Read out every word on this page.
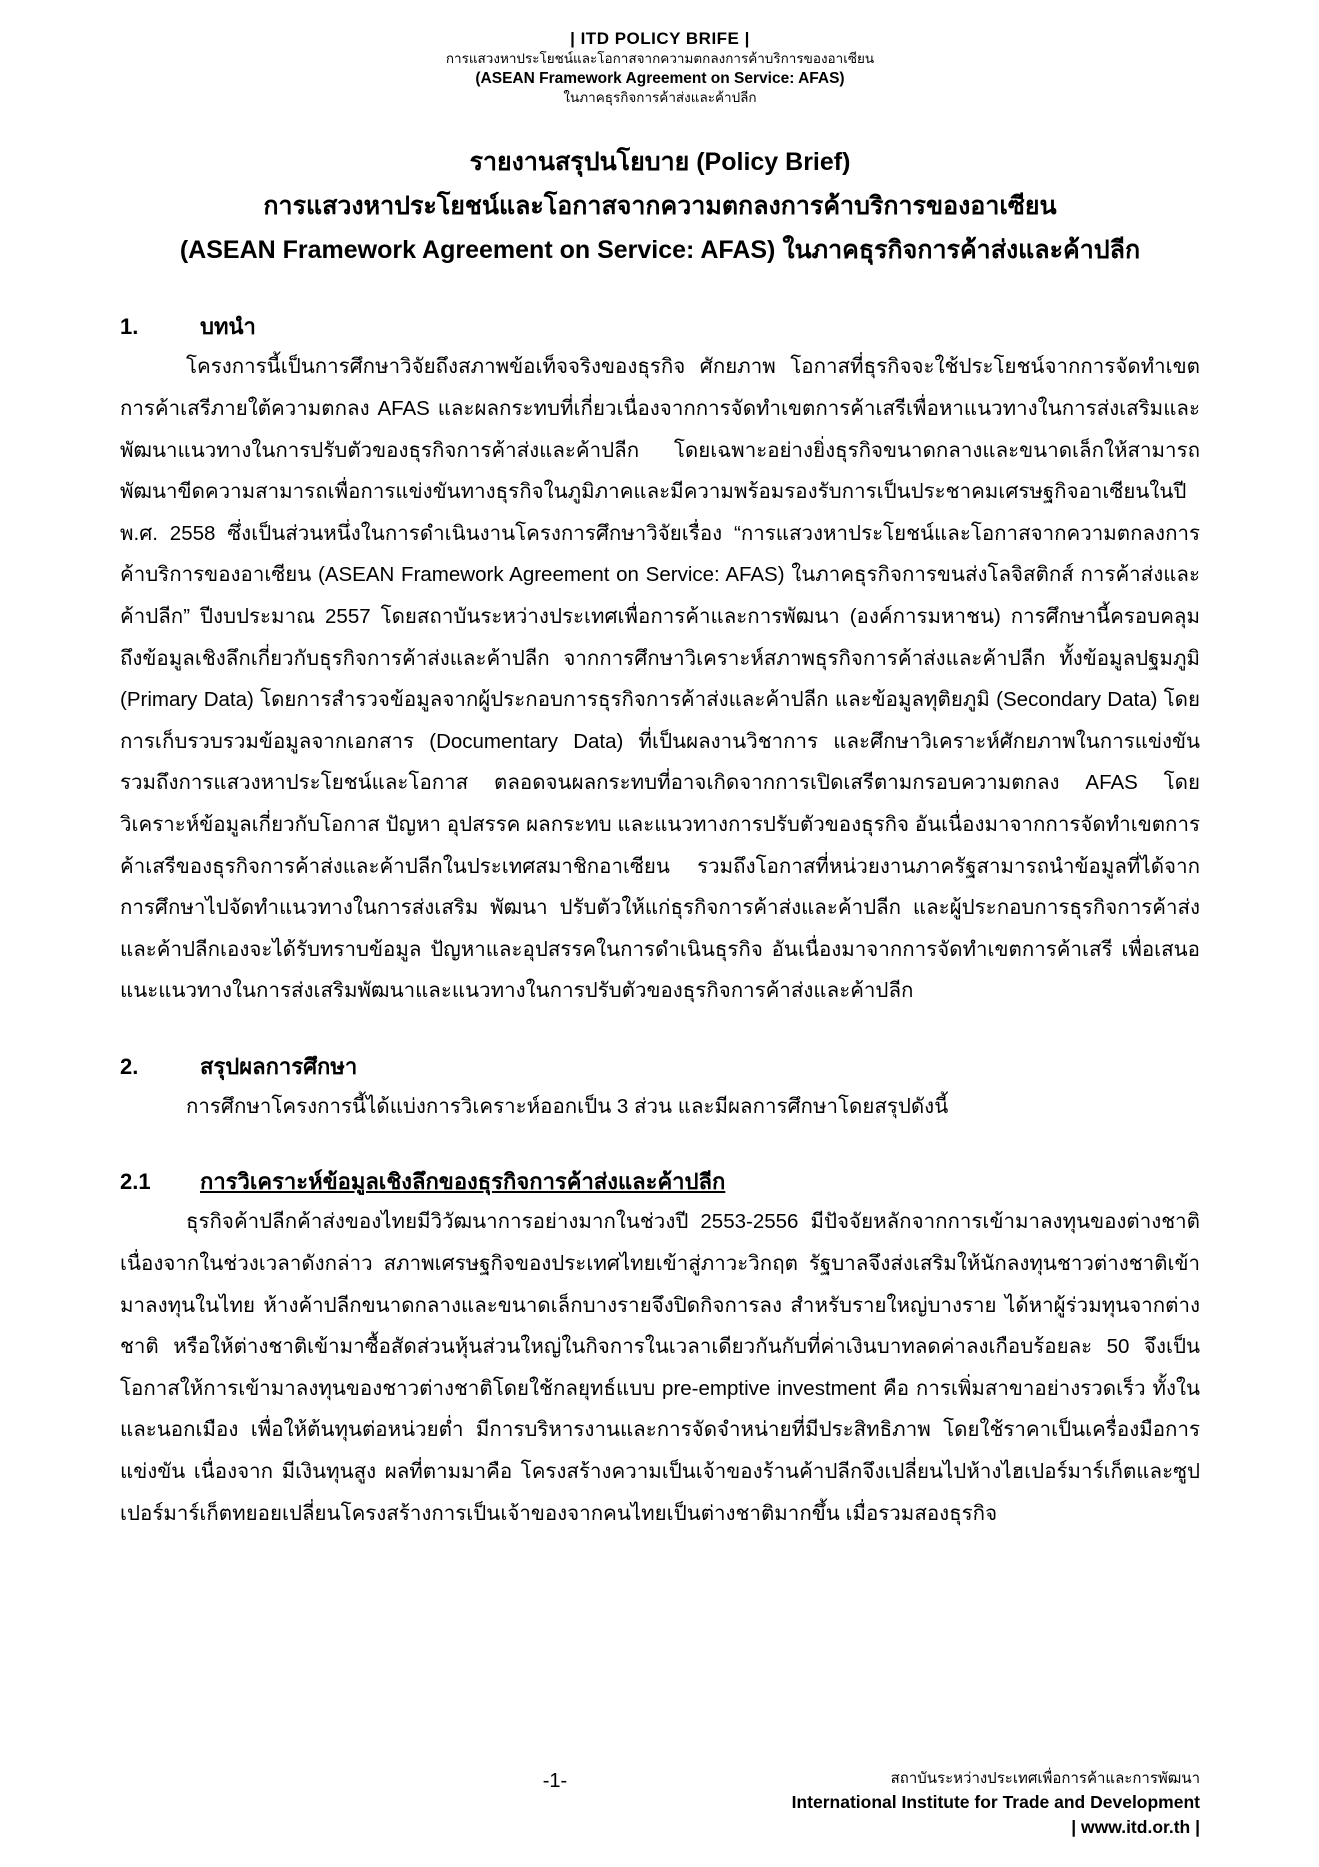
| ITD POLICY BRIFE |
การแสวงหาประโยชน์และโอกาสจากความตกลงการค้าบริการของอาเซียน
(ASEAN Framework Agreement on Service: AFAS)
ในภาคธุรกิจการค้าส่งและค้าปลีก
รายงานสรุปนโยบาย (Policy Brief)
การแสวงหาประโยชน์และโอกาสจากความตกลงการค้าบริการของอาเซียน
(ASEAN Framework Agreement on Service: AFAS) ในภาคธุรกิจการค้าส่งและค้าปลีก
1.	บทนำ
โครงการนี้เป็นการศึกษาวิจัยถึงสภาพข้อเท็จจริงของธุรกิจ ศักยภาพ โอกาสที่ธุรกิจจะใช้ประโยชน์จากการจัดทำเขตการค้าเสรีภายใต้ความตกลง AFAS และผลกระทบที่เกี่ยวเนื่องจากการจัดทำเขตการค้าเสรีเพื่อหาแนวทางในการส่งเสริมและพัฒนาแนวทางในการปรับตัวของธุรกิจการค้าส่งและค้าปลีก โดยเฉพาะอย่างยิ่งธุรกิจขนาดกลางและขนาดเล็กให้สามารถพัฒนาขีดความสามารถเพื่อการแข่งขันทางธุรกิจในภูมิภาคและมีความพร้อมรองรับการเป็นประชาคมเศรษฐกิจอาเซียนในปี พ.ศ. 2558 ซึ่งเป็นส่วนหนึ่งในการดำเนินงานโครงการศึกษาวิจัยเรื่อง “การแสวงหาประโยชน์และโอกาสจากความตกลงการค้าบริการของอาเซียน (ASEAN Framework Agreement on Service: AFAS) ในภาคธุรกิจการขนส่งโลจิสติกส์ การค้าส่งและค้าปลีก” ปีงบประมาณ 2557 โดยสถาบันระหว่างประเทศเพื่อการค้าและการพัฒนา (องค์การมหาชน) การศึกษานี้ครอบคลุมถึงข้อมูลเชิงลึกเกี่ยวกับธุรกิจการค้าส่งและค้าปลีก จากการศึกษาวิเคราะห์สภาพธุรกิจการค้าส่งและค้าปลีก ทั้งข้อมูลปฐมภูมิ (Primary Data) โดยการสำรวจข้อมูลจากผู้ประกอบการธุรกิจการค้าส่งและค้าปลีก และข้อมูลทุติยภูมิ (Secondary Data) โดยการเก็บรวบรวมข้อมูลจากเอกสาร (Documentary Data) ที่เป็นผลงานวิชาการ และศึกษาวิเคราะห์ศักยภาพในการแข่งขัน รวมถึงการแสวงหาประโยชน์และโอกาส ตลอดจนผลกระทบที่อาจเกิดจากการเปิดเสรีตามกรอบความตกลง AFAS โดยวิเคราะห์ข้อมูลเกี่ยวกับโอกาส ปัญหา อุปสรรค ผลกระทบ และแนวทางการปรับตัวของธุรกิจ อันเนื่องมาจากการจัดทำเขตการค้าเสรีของธุรกิจการค้าส่งและค้าปลีกในประเทศสมาชิกอาเซียน รวมถึงโอกาสที่หน่วยงานภาครัฐสามารถนำข้อมูลที่ได้จากการศึกษาไปจัดทำแนวทางในการส่งเสริม พัฒนา ปรับตัวให้แก่ธุรกิจการค้าส่งและค้าปลีก และผู้ประกอบการธุรกิจการค้าส่งและค้าปลีกเองจะได้รับทราบข้อมูล ปัญหาและอุปสรรคในการดำเนินธุรกิจ อันเนื่องมาจากการจัดทำเขตการค้าเสรี เพื่อเสนอแนะแนวทางในการส่งเสริมพัฒนาและแนวทางในการปรับตัวของธุรกิจการค้าส่งและค้าปลีก
2.	สรุปผลการศึกษา
การศึกษาโครงการนี้ได้แบ่งการวิเคราะห์ออกเป็น 3 ส่วน และมีผลการศึกษาโดยสรุปดังนี้
2.1	การวิเคราะห์ข้อมูลเชิงลึกของธุรกิจการค้าส่งและค้าปลีก
ธุรกิจค้าปลีกค้าส่งของไทยมีวิวัฒนาการอย่างมากในช่วงปี 2553-2556 มีปัจจัยหลักจากการเข้ามาลงทุนของต่างชาติ เนื่องจากในช่วงเวลาดังกล่าว สภาพเศรษฐกิจของประเทศไทยเข้าสู่ภาวะวิกฤต รัฐบาลจึงส่งเสริมให้นักลงทุนชาวต่างชาติเข้ามาลงทุนในไทย ห้างค้าปลีกขนาดกลางและขนาดเล็กบางรายจึงปิดกิจการลง สำหรับรายใหญ่บางราย ได้หาผู้ร่วมทุนจากต่างชาติ หรือให้ต่างชาติเข้ามาซื้อสัดส่วนหุ้นส่วนใหญ่ในกิจการในเวลาเดียวกันกับที่ค่าเงินบาทลดค่าลงเกือบร้อยละ 50 จึงเป็นโอกาสให้การเข้ามาลงทุนของชาวต่างชาติโดยใช้กลยุทธ์แบบ pre-emptive investment คือ การเพิ่มสาขาอย่างรวดเร็ว ทั้งในและนอกเมือง เพื่อให้ต้นทุนต่อหน่วยต่ำ มีการบริหารงานและการจัดจำหน่ายที่มีประสิทธิภาพ โดยใช้ราคาเป็นเครื่องมือการแข่งขัน เนื่องจาก มีเงินทุนสูง ผลที่ตามมาคือ โครงสร้างความเป็นเจ้าของร้านค้าปลีกจึงเปลี่ยนไปห้างไฮเปอร์มาร์เก็ตและซูปเปอร์มาร์เก็ตทยอยเปลี่ยนโครงสร้างการเป็นเจ้าของจากคนไทยเป็นต่างชาติมากขึ้น เมื่อรวมสองธุรกิจ
-1-	สถาบันระหว่างประเทศเพื่อการค้าและการพัฒนา
International Institute for Trade and Development
| www.itd.or.th |
